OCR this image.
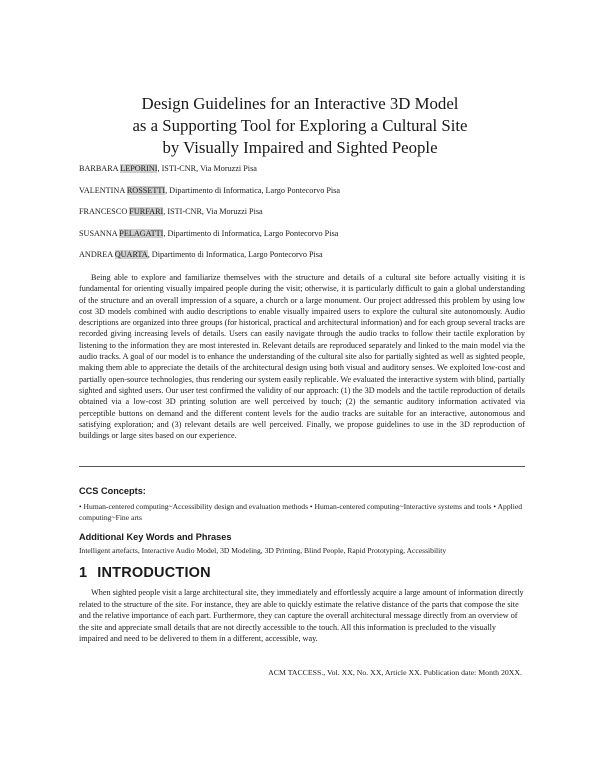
Design Guidelines for an Interactive 3D Model
as a Supporting Tool for Exploring a Cultural Site
by Visually Impaired and Sighted People
BARBARA LEPORINI, ISTI-CNR, Via Moruzzi Pisa
VALENTINA ROSSETTI, Dipartimento di Informatica, Largo Pontecorvo Pisa
FRANCESCO FURFARI, ISTI-CNR, Via Moruzzi Pisa
SUSANNA PELAGATTI, Dipartimento di Informatica, Largo Pontecorvo Pisa
ANDREA QUARTA, Dipartimento di Informatica, Largo Pontecorvo Pisa

Being able to explore and familiarize themselves with the structure and details of a cultural site before actually visiting it is fundamental for orienting visually impaired people during the visit; otherwise, it is particularly difficult to gain a global understanding of the structure and an overall impression of a square, a church or a large monument. Our project addressed this problem by using low cost 3D models combined with audio descriptions to enable visually impaired users to explore the cultural site autonomously. Audio descriptions are organized into three groups (for historical, practical and architectural information) and for each group several tracks are recorded giving increasing levels of details. Users can easily navigate through the audio tracks to follow their tactile exploration by listening to the information they are most interested in. Relevant details are reproduced separately and linked to the main model via the audio tracks. A goal of our model is to enhance the understanding of the cultural site also for partially sighted as well as sighted people, making them able to appreciate the details of the architectural design using both visual and auditory senses. We exploited low-cost and partially open-source technologies, thus rendering our system easily replicable. We evaluated the interactive system with blind, partially sighted and sighted users. Our user test confirmed the validity of our approach: (1) the 3D models and the tactile reproduction of details obtained via a low-cost 3D printing solution are well perceived by touch; (2) the semantic auditory information activated via perceptible buttons on demand and the different content levels for the audio tracks are suitable for an interactive, autonomous and satisfying exploration; and (3) relevant details are well perceived. Finally, we propose guidelines to use in the 3D reproduction of buildings or large sites based on our experience.

CCS Concepts:
• Human-centered computing~Accessibility design and evaluation methods • Human-centered computing~Interactive systems and tools • Applied computing~Fine arts
Additional Key Words and Phrases
Intelligent artefacts, Interactive Audio Model, 3D Modeling, 3D Printing, Blind People, Rapid Prototyping, Accessibility
1 INTRODUCTION

When sighted people visit a large architectural site, they immediately and effortlessly acquire a large amount of information directly related to the structure of the site. For instance, they are able to quickly estimate the relative distance of the parts that compose the site and the relative importance of each part. Furthermore, they can capture the overall architectural message directly from an overview of the site and appreciate small details that are not directly accessible to the touch. All this information is precluded to the visually impaired and need to be delivered to them in a different, accessible, way.

ACM TACCESS., Vol. XX, No. XX, Article XX. Publication date: Month 20XX.
